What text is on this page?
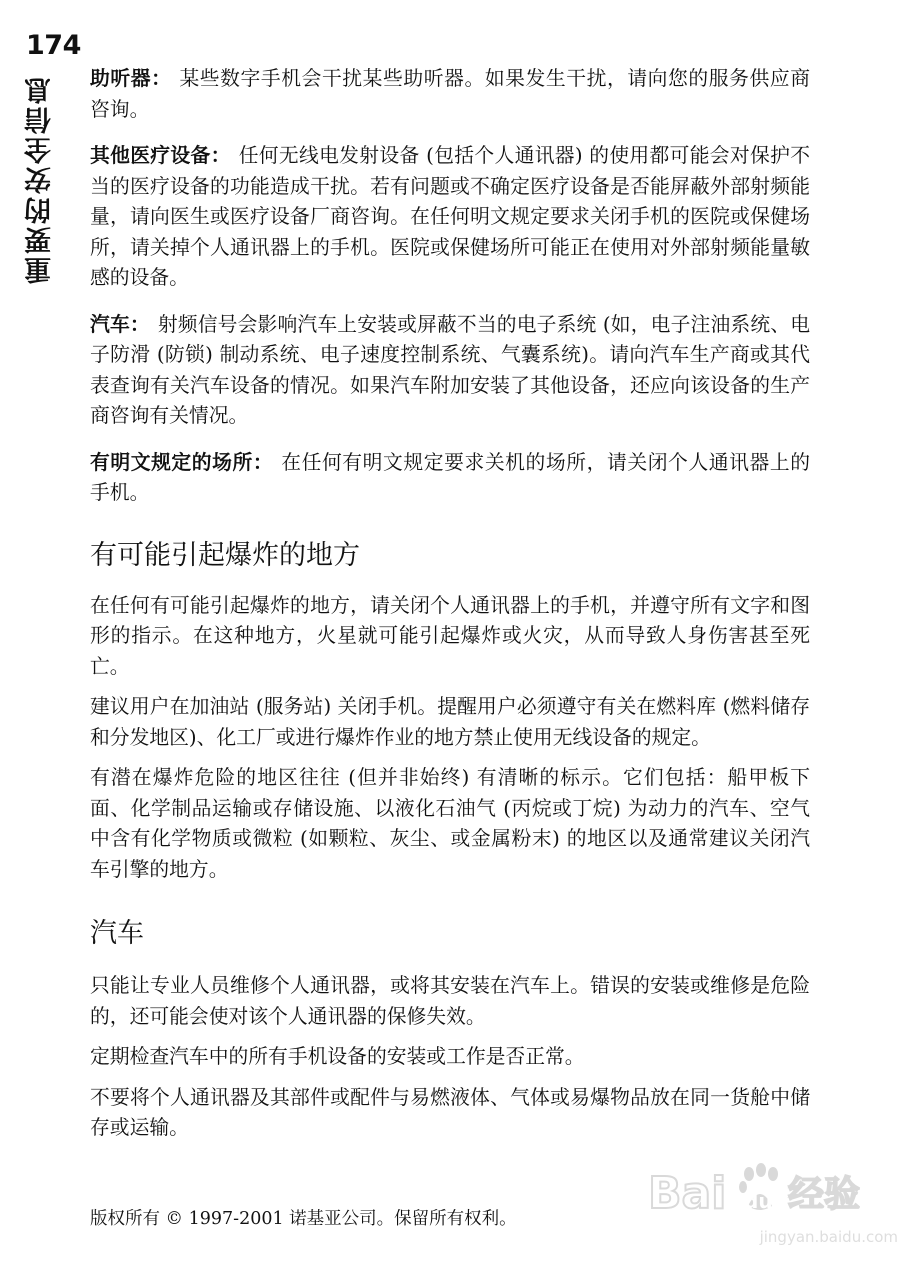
174
重要的安全信息 助听器： 某些数字手机会干扰某些助听器。如果发生干扰，请向您的服务供应商咨询。

其他医疗设备： 任何无线电发射设备 (包括个人通讯器) 的使用都可能会对保护不当的医疗设备的功能造成干扰。若有问题或不确定医疗设备是否能屏蔽外部射频能量，请向医生或医疗设备厂商咨询。在任何明文规定要求关闭手机的医院或保健场所，请关掉个人通讯器上的手机。医院或保健场所可能正在使用对外部射频能量敏感的设备。

汽车： 射频信号会影响汽车上安装或屏蔽不当的电子系统 (如，电子注油系统、电子防滑 (防锁) 制动系统、电子速度控制系统、气囊系统)。请向汽车生产商或其代表查询有关汽车设备的情况。如果汽车附加安装了其他设备，还应向该设备的生产商咨询有关情况。

有明文规定的场所： 在任何有明文规定要求关机的场所，请关闭个人通讯器上的手机。

有可能引起爆炸的地方

在任何有可能引起爆炸的地方，请关闭个人通讯器上的手机，并遵守所有文字和图形的指示。在这种地方，火星就可能引起爆炸或火灾，从而导致人身伤害甚至死亡。

建议用户在加油站 (服务站) 关闭手机。提醒用户必须遵守有关在燃料库 (燃料储存和分发地区)、化工厂或进行爆炸作业的地方禁止使用无线设备的规定。

有潜在爆炸危险的地区往往 (但并非始终) 有清晰的标示。它们包括：船甲板下面、化学制品运输或存储设施、以液化石油气 (丙烷或丁烷) 为动力的汽车、空气中含有化学物质或微粒 (如颗粒、灰尘、或金属粉末) 的地区以及通常建议关闭汽车引擎的地方。

汽车

只能让专业人员维修个人通讯器，或将其安装在汽车上。错误的安装或维修是危险的，还可能会使对该个人通讯器的保修失效。

定期检查汽车中的所有手机设备的安装或工作是否正常。

不要将个人通讯器及其部件或配件与易燃液体、气体或易爆物品放在同一货舱中储存或运输。

版权所有 © 1997-2001 诺基亚公司。保留所有权利。	Bai du 经验
jingyan.baidu.com
